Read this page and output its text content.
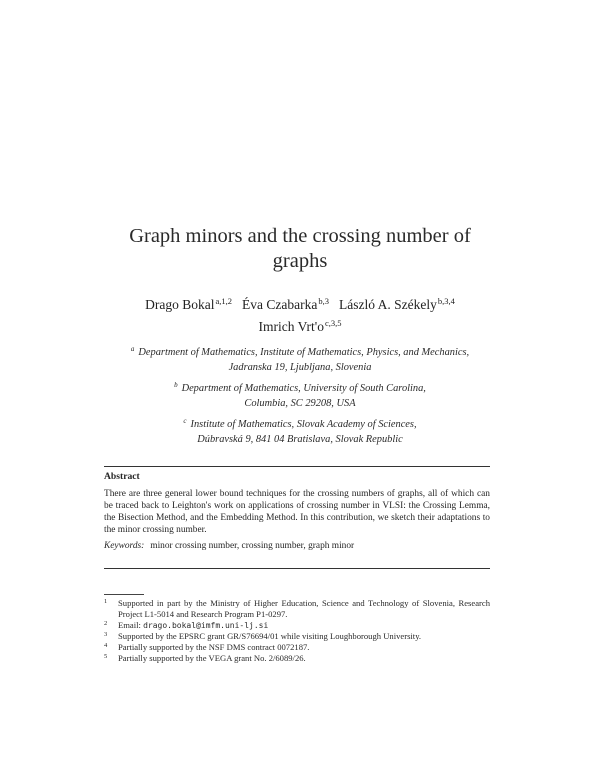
Graph minors and the crossing number of graphs
Drago Bokal$^{a,1,2}$ Éva Czabarka$^{b,3}$ László A. Székely$^{b,3,4}$
Imrich $Vrt'o^{c,3,5}$
$^a$ Department of Mathematics, Institute of Mathematics, Physics, and Mechanics,
Jadranska 19, Ljubljana, Slovenia
$^b$ Department of Mathematics, University of South Carolina,
Columbia, SC 29208, USA
$^c$ Institute of Mathematics, Slovak Academy of Sciences,
Dúbravská 9, 841 04 Bratislava, Slovak Republic
Abstract
There are three general lower bound techniques for the crossing numbers of graphs, all of which can be traced back to Leighton's work on applications of crossing number in VLSI: the Crossing Lemma, the Bisection Method, and the Embedding Method. In this contribution, we sketch their adaptations to the minor crossing number.
Keywords: minor crossing number, crossing number, graph minor
1 Supported in part by the Ministry of Higher Education, Science and Technology of Slovenia, Research Project L1-5014 and Research Program P1-0297.
2 Email: drago.bokal@imfm.uni-lj.si
3 Supported by the EPSRC grant GR/S76694/01 while visiting Loughborough University.
4 Partially supported by the NSF DMS contract 0072187.
5 Partially supported by the VEGA grant No. 2/6089/26.
